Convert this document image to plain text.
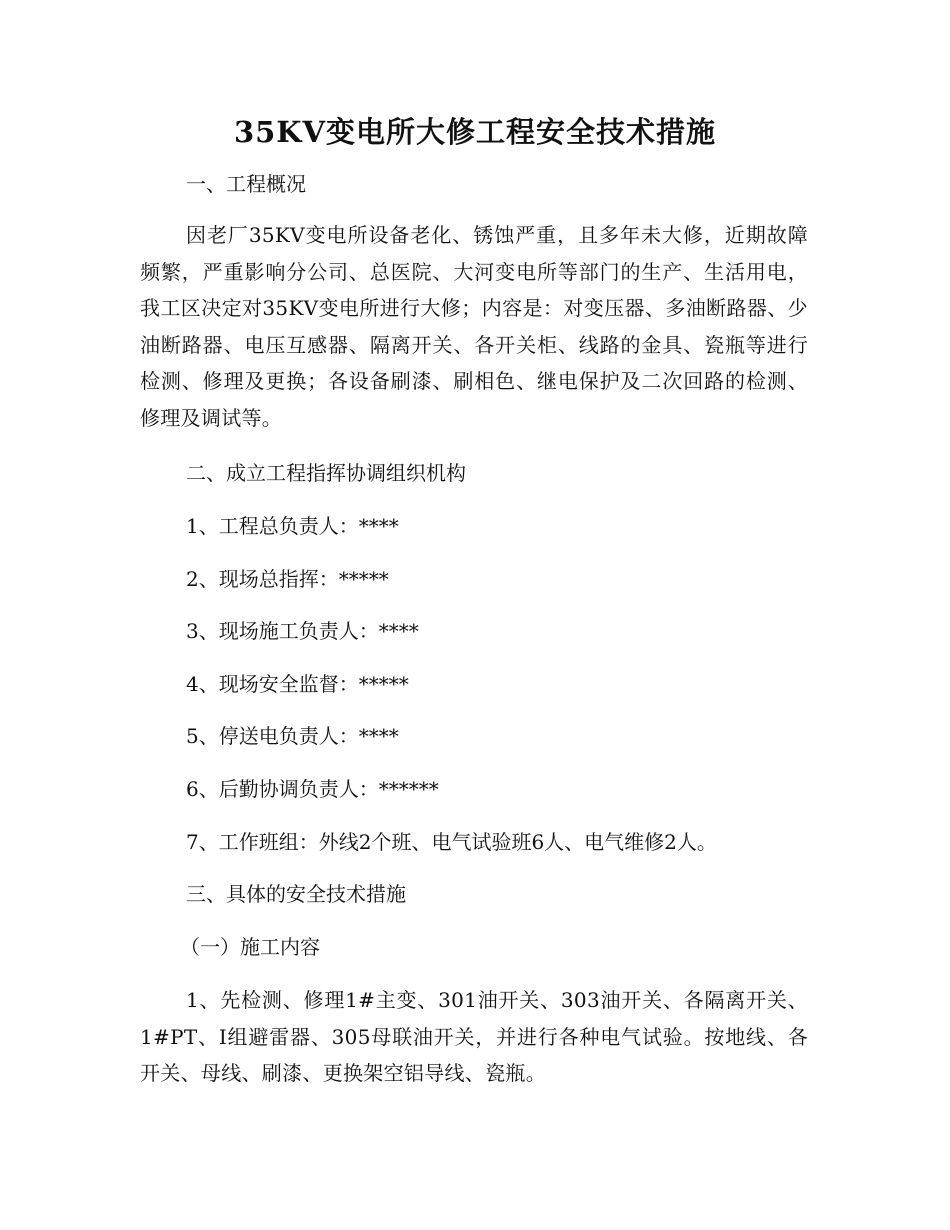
35KV变电所大修工程安全技术措施
一、工程概况
因老厂35KV变电所设备老化、锈蚀严重，且多年未大修，近期故障频繁，严重影响分公司、总医院、大河变电所等部门的生产、生活用电，我工区决定对35KV变电所进行大修；内容是：对变压器、多油断路器、少油断路器、电压互感器、隔离开关、各开关柜、线路的金具、瓷瓶等进行检测、修理及更换；各设备刷漆、刷相色、继电保护及二次回路的检测、修理及调试等。
二、成立工程指挥协调组织机构
1、工程总负责人：****
2、现场总指挥：*****
3、现场施工负责人：****
4、现场安全监督：*****
5、停送电负责人：****
6、后勤协调负责人：******
7、工作班组：外线2个班、电气试验班6人、电气维修2人。
三、具体的安全技术措施
（一）施工内容
1、先检测、修理1#主变、301油开关、303油开关、各隔离开关、1#PT、Ⅰ组避雷器、305母联油开关，并进行各种电气试验。按地线、各开关、母线、刷漆、更换架空铝导线、瓷瓶。
